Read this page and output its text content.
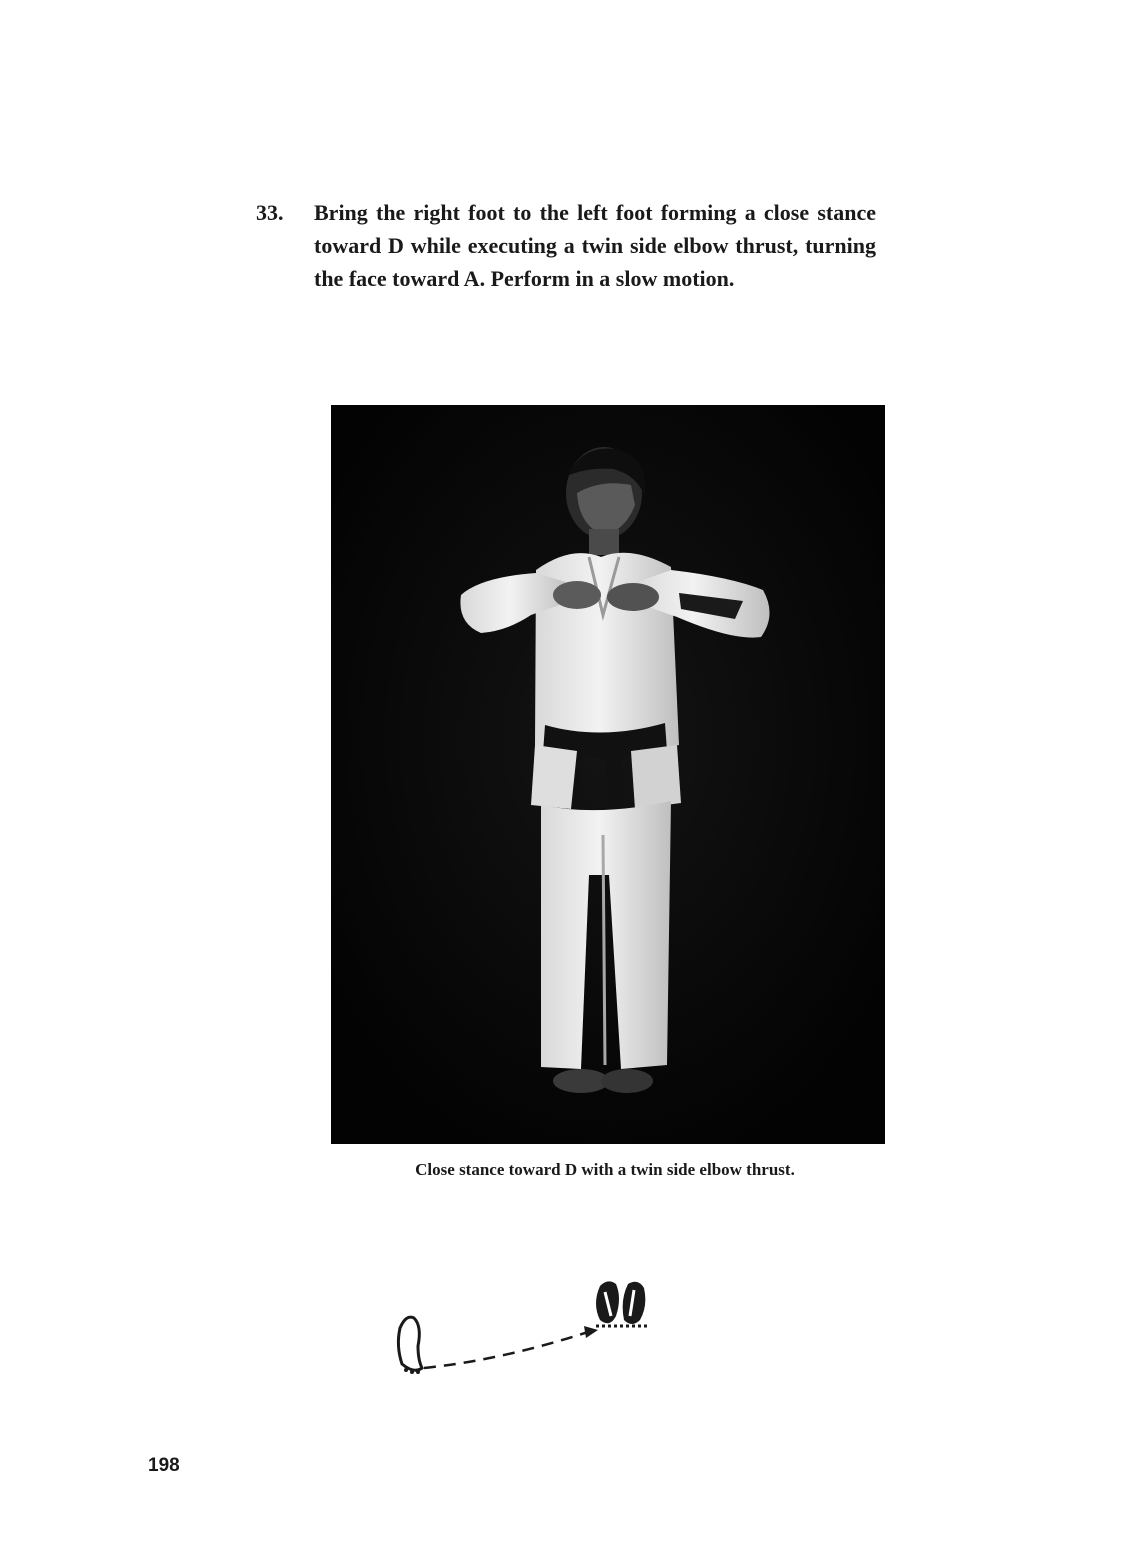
33.	Bring the right foot to the left foot forming a close stance toward D while executing a twin side elbow thrust, turning the face toward A. Perform in a slow motion.
Close stance toward D with a twin side elbow thrust.
198
